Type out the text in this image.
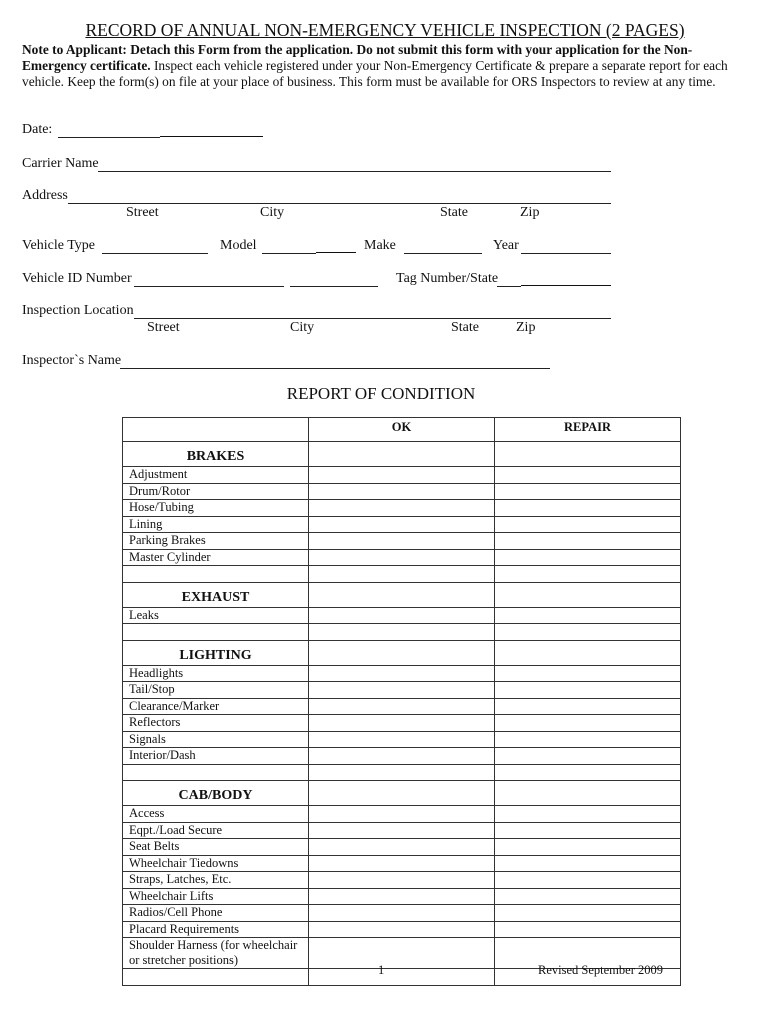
RECORD OF ANNUAL NON-EMERGENCY VEHICLE INSPECTION (2 PAGES)
Note to Applicant: Detach this Form from the application. Do not submit this form with your application for the Non-Emergency certificate. Inspect each vehicle registered under your Non-Emergency Certificate & prepare a separate report for each vehicle. Keep the form(s) on file at your place of business. This form must be available for ORS Inspectors to review at any time.
Date:
Carrier Name
Address
Street	City	State	Zip
Vehicle Type	Model	Make	Year
Vehicle ID Number	Tag Number/State
Inspection Location
Street	City	State	Zip
Inspector`s Name
REPORT OF CONDITION
	OK	REPAIR
BRAKES		
Adjustment		
Drum/Rotor		
Hose/Tubing		
Lining		
Parking Brakes		
Master Cylinder		

EXHAUST		
Leaks		

LIGHTING		
Headlights		
Tail/Stop		
Clearance/Marker		
Reflectors		
Signals		
Interior/Dash		

CAB/BODY		
Access		
Eqpt./Load Secure		
Seat Belts		
Wheelchair Tiedowns		
Straps, Latches, Etc.		
Wheelchair Lifts		
Radios/Cell Phone		
Placard Requirements		
Shoulder Harness (for wheelchair or stretcher positions)		

1	Revised September 2009
